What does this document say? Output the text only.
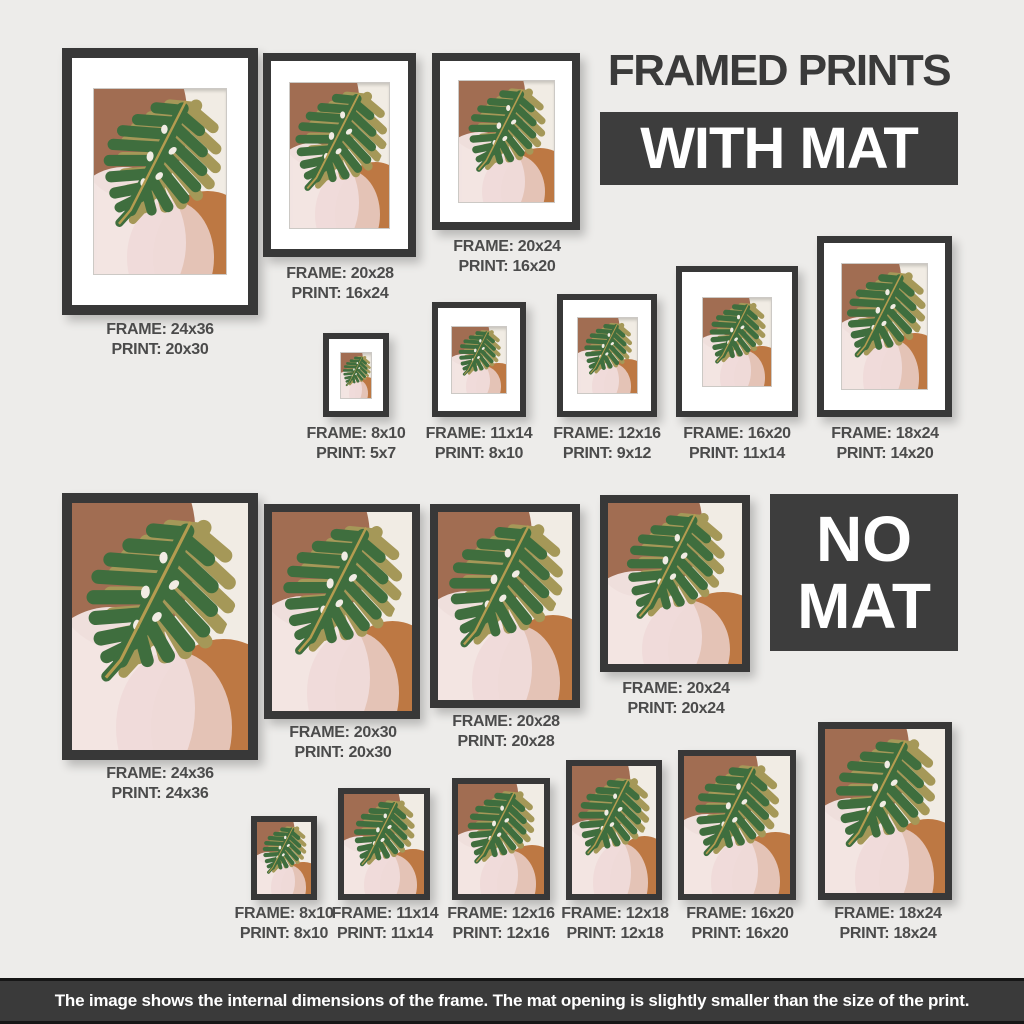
FRAMED PRINTS
WITH MAT
NO
MAT
FRAME: 24x36
PRINT: 20x30
FRAME: 20x28
PRINT: 16x24
FRAME: 20x24
PRINT: 16x20
FRAME: 8x10
PRINT: 5x7
FRAME: 11x14
PRINT: 8x10
FRAME: 12x16
PRINT: 9x12
FRAME: 16x20
PRINT: 11x14
FRAME: 18x24
PRINT: 14x20
FRAME: 24x36
PRINT: 24x36
FRAME: 20x30
PRINT: 20x30
FRAME: 20x28
PRINT: 20x28
FRAME: 20x24
PRINT: 20x24
FRAME: 8x10
PRINT: 8x10
FRAME: 11x14
PRINT: 11x14
FRAME: 12x16
PRINT: 12x16
FRAME: 12x18
PRINT: 12x18
FRAME: 16x20
PRINT: 16x20
FRAME: 18x24
PRINT: 18x24
The image shows the internal dimensions of the frame. The mat opening is slightly smaller than the size of the print.
